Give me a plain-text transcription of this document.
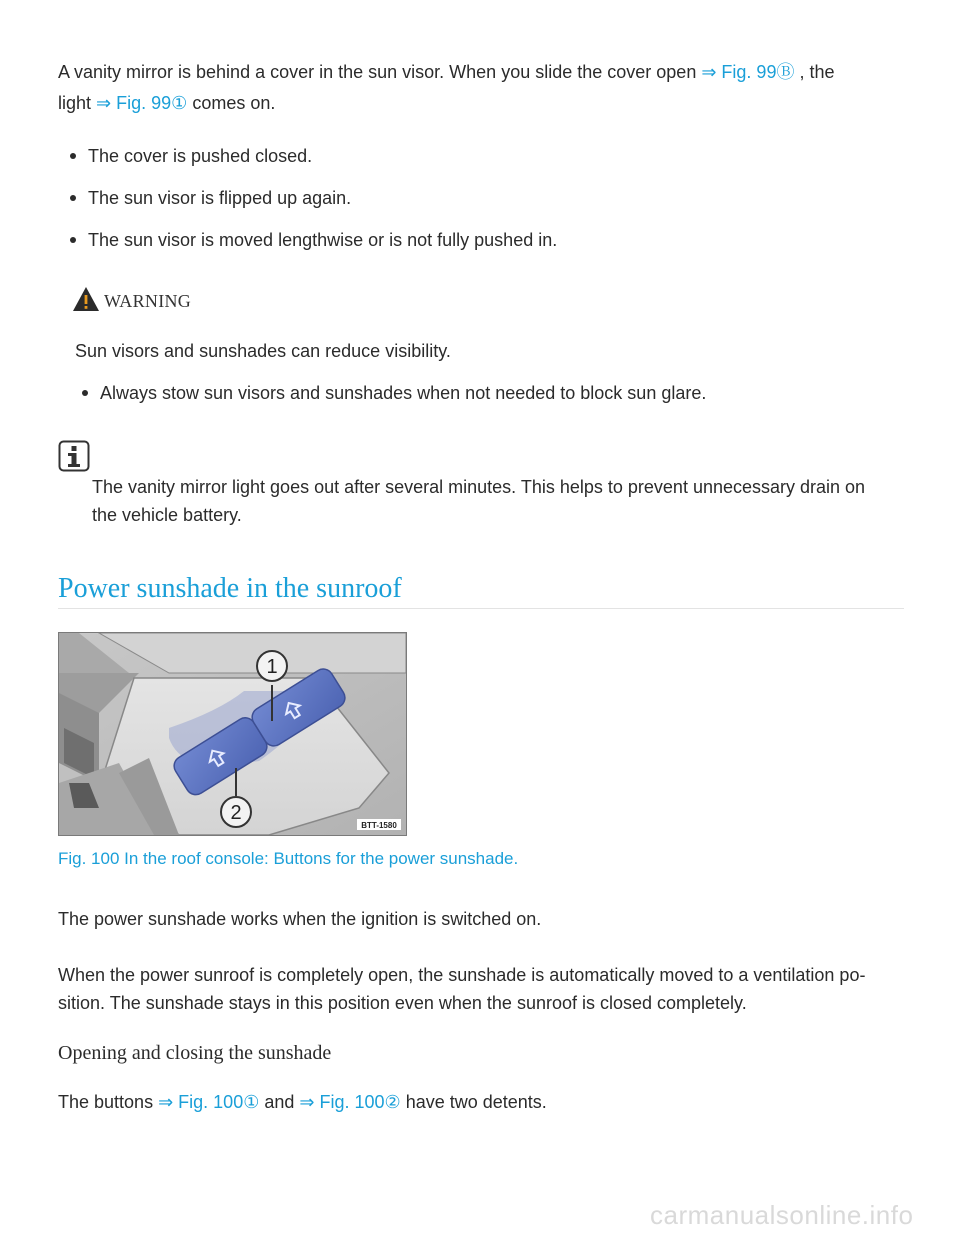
A vanity mirror is behind a cover in the sun visor. When you slide the cover open ⇒ Fig. 99Ⓑ , the

light ⇒ Fig. 99① comes on.

The cover is pushed closed.
The sun visor is flipped up again.
The sun visor is moved lengthwise or is not fully pushed in.
WARNING

Sun visors and sunshades can reduce visibility.

Always stow sun visors and sunshades when not needed to block sun glare.

The vanity mirror light goes out after several minutes. This helps to prevent unnecessary drain on

the vehicle battery.

Power sunshade in the sunroof
1
2
BTT-1580

Fig. 100 In the roof console: Buttons for the power sunshade.

The power sunshade works when the ignition is switched on.

When the power sunroof is completely open, the sunshade is automatically moved to a ventilation po-

sition. The sunshade stays in this position even when the sunroof is closed completely.

Opening and closing the sunshade

The buttons ⇒ Fig. 100① and ⇒ Fig. 100② have two detents.

carmanualsonline.info
